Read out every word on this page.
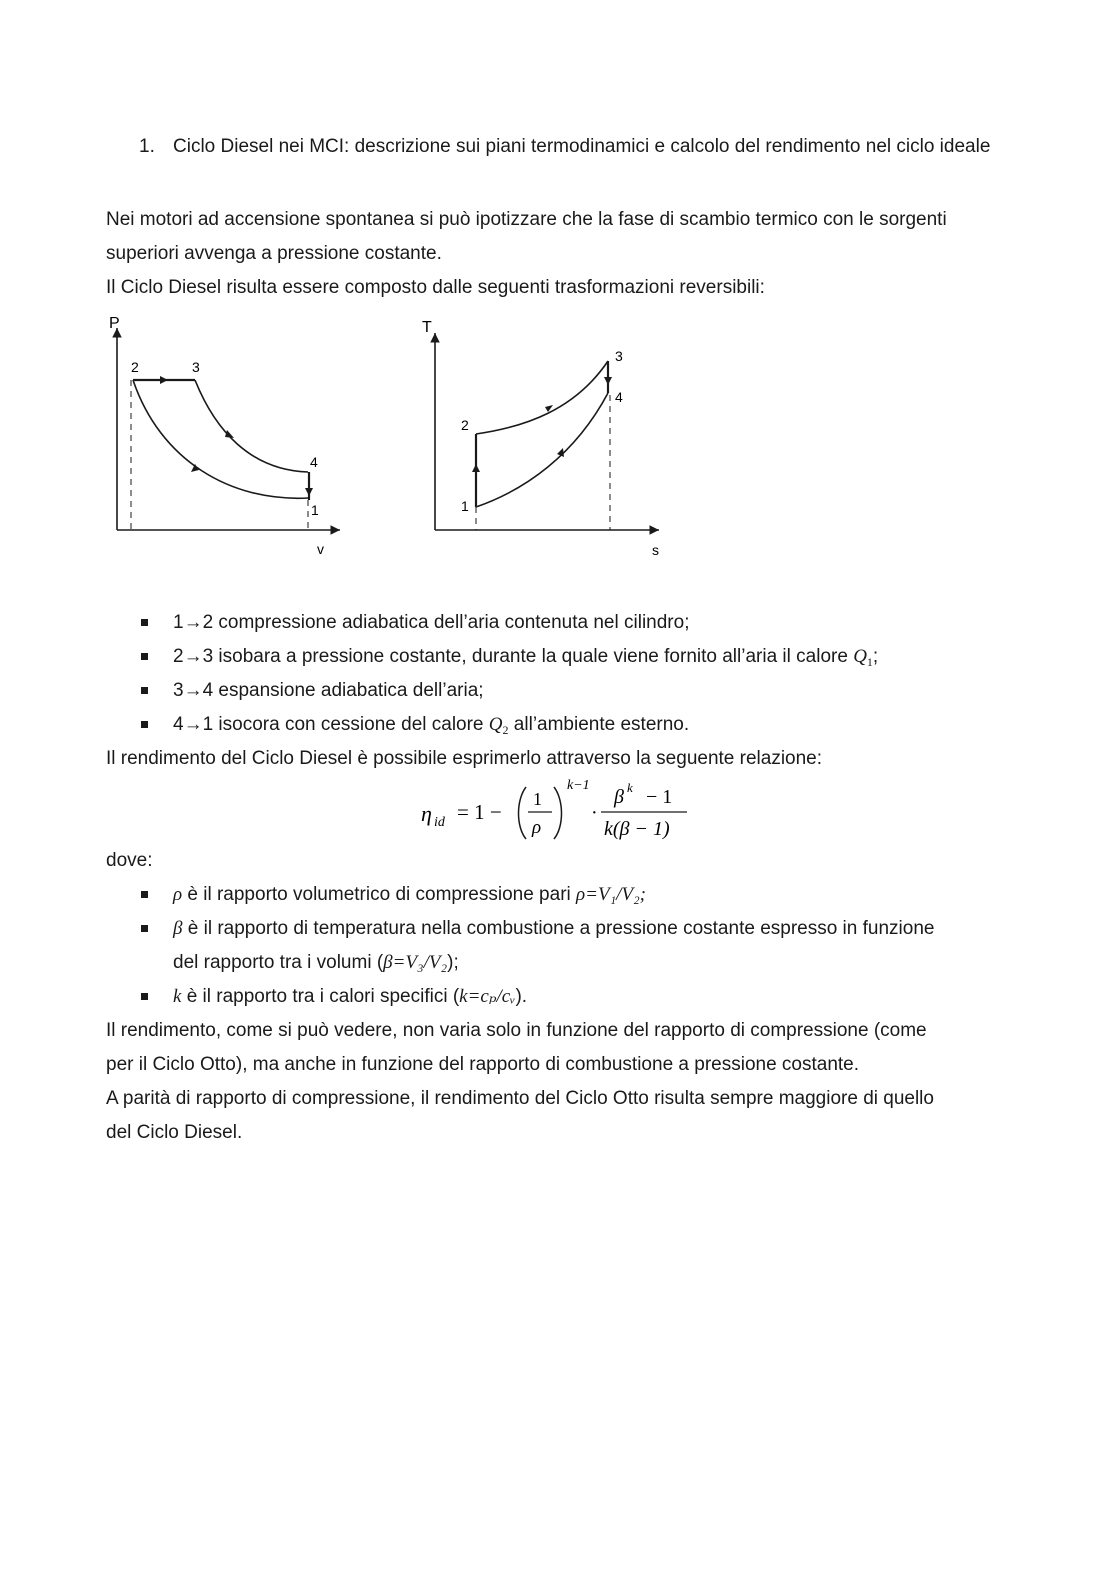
1. Ciclo Diesel nei MCI: descrizione sui piani termodinamici e calcolo del rendimento nel ciclo ideale
Nei motori ad accensione spontanea si può ipotizzare che la fase di scambio termico con le sorgenti
superiori avvenga a pressione costante.
Il Ciclo Diesel risulta essere composto dalle seguenti trasformazioni reversibili:
P
v
2	3
4
1
T
s
1
2
3
4
1→2 compressione adiabatica dell’aria contenuta nel cilindro;
2→3 isobara a pressione costante, durante la quale viene fornito all’aria il calore $Q_1$;
3→4 espansione adiabatica dell’aria;
4→1 isocora con cessione del calore $Q_2$ all’ambiente esterno.
Il rendimento del Ciclo Diesel è possibile esprimerlo attraverso la seguente relazione:
η id = 1 −
1
ρ
k−1
·
β k − 1
k(β − 1)
dove:
ρ è il rapporto volumetrico di compressione pari ρ=V₁/V₂;
β è il rapporto di temperatura nella combustione a pressione costante espresso in funzione
del rapporto tra i volumi (β=V₃/V₂);
k è il rapporto tra i calori specifici (k=cₚ/cᵥ).
Il rendimento, come si può vedere, non varia solo in funzione del rapporto di compressione (come
per il Ciclo Otto), ma anche in funzione del rapporto di combustione a pressione costante.
A parità di rapporto di compressione, il rendimento del Ciclo Otto risulta sempre maggiore di quello
del Ciclo Diesel.
